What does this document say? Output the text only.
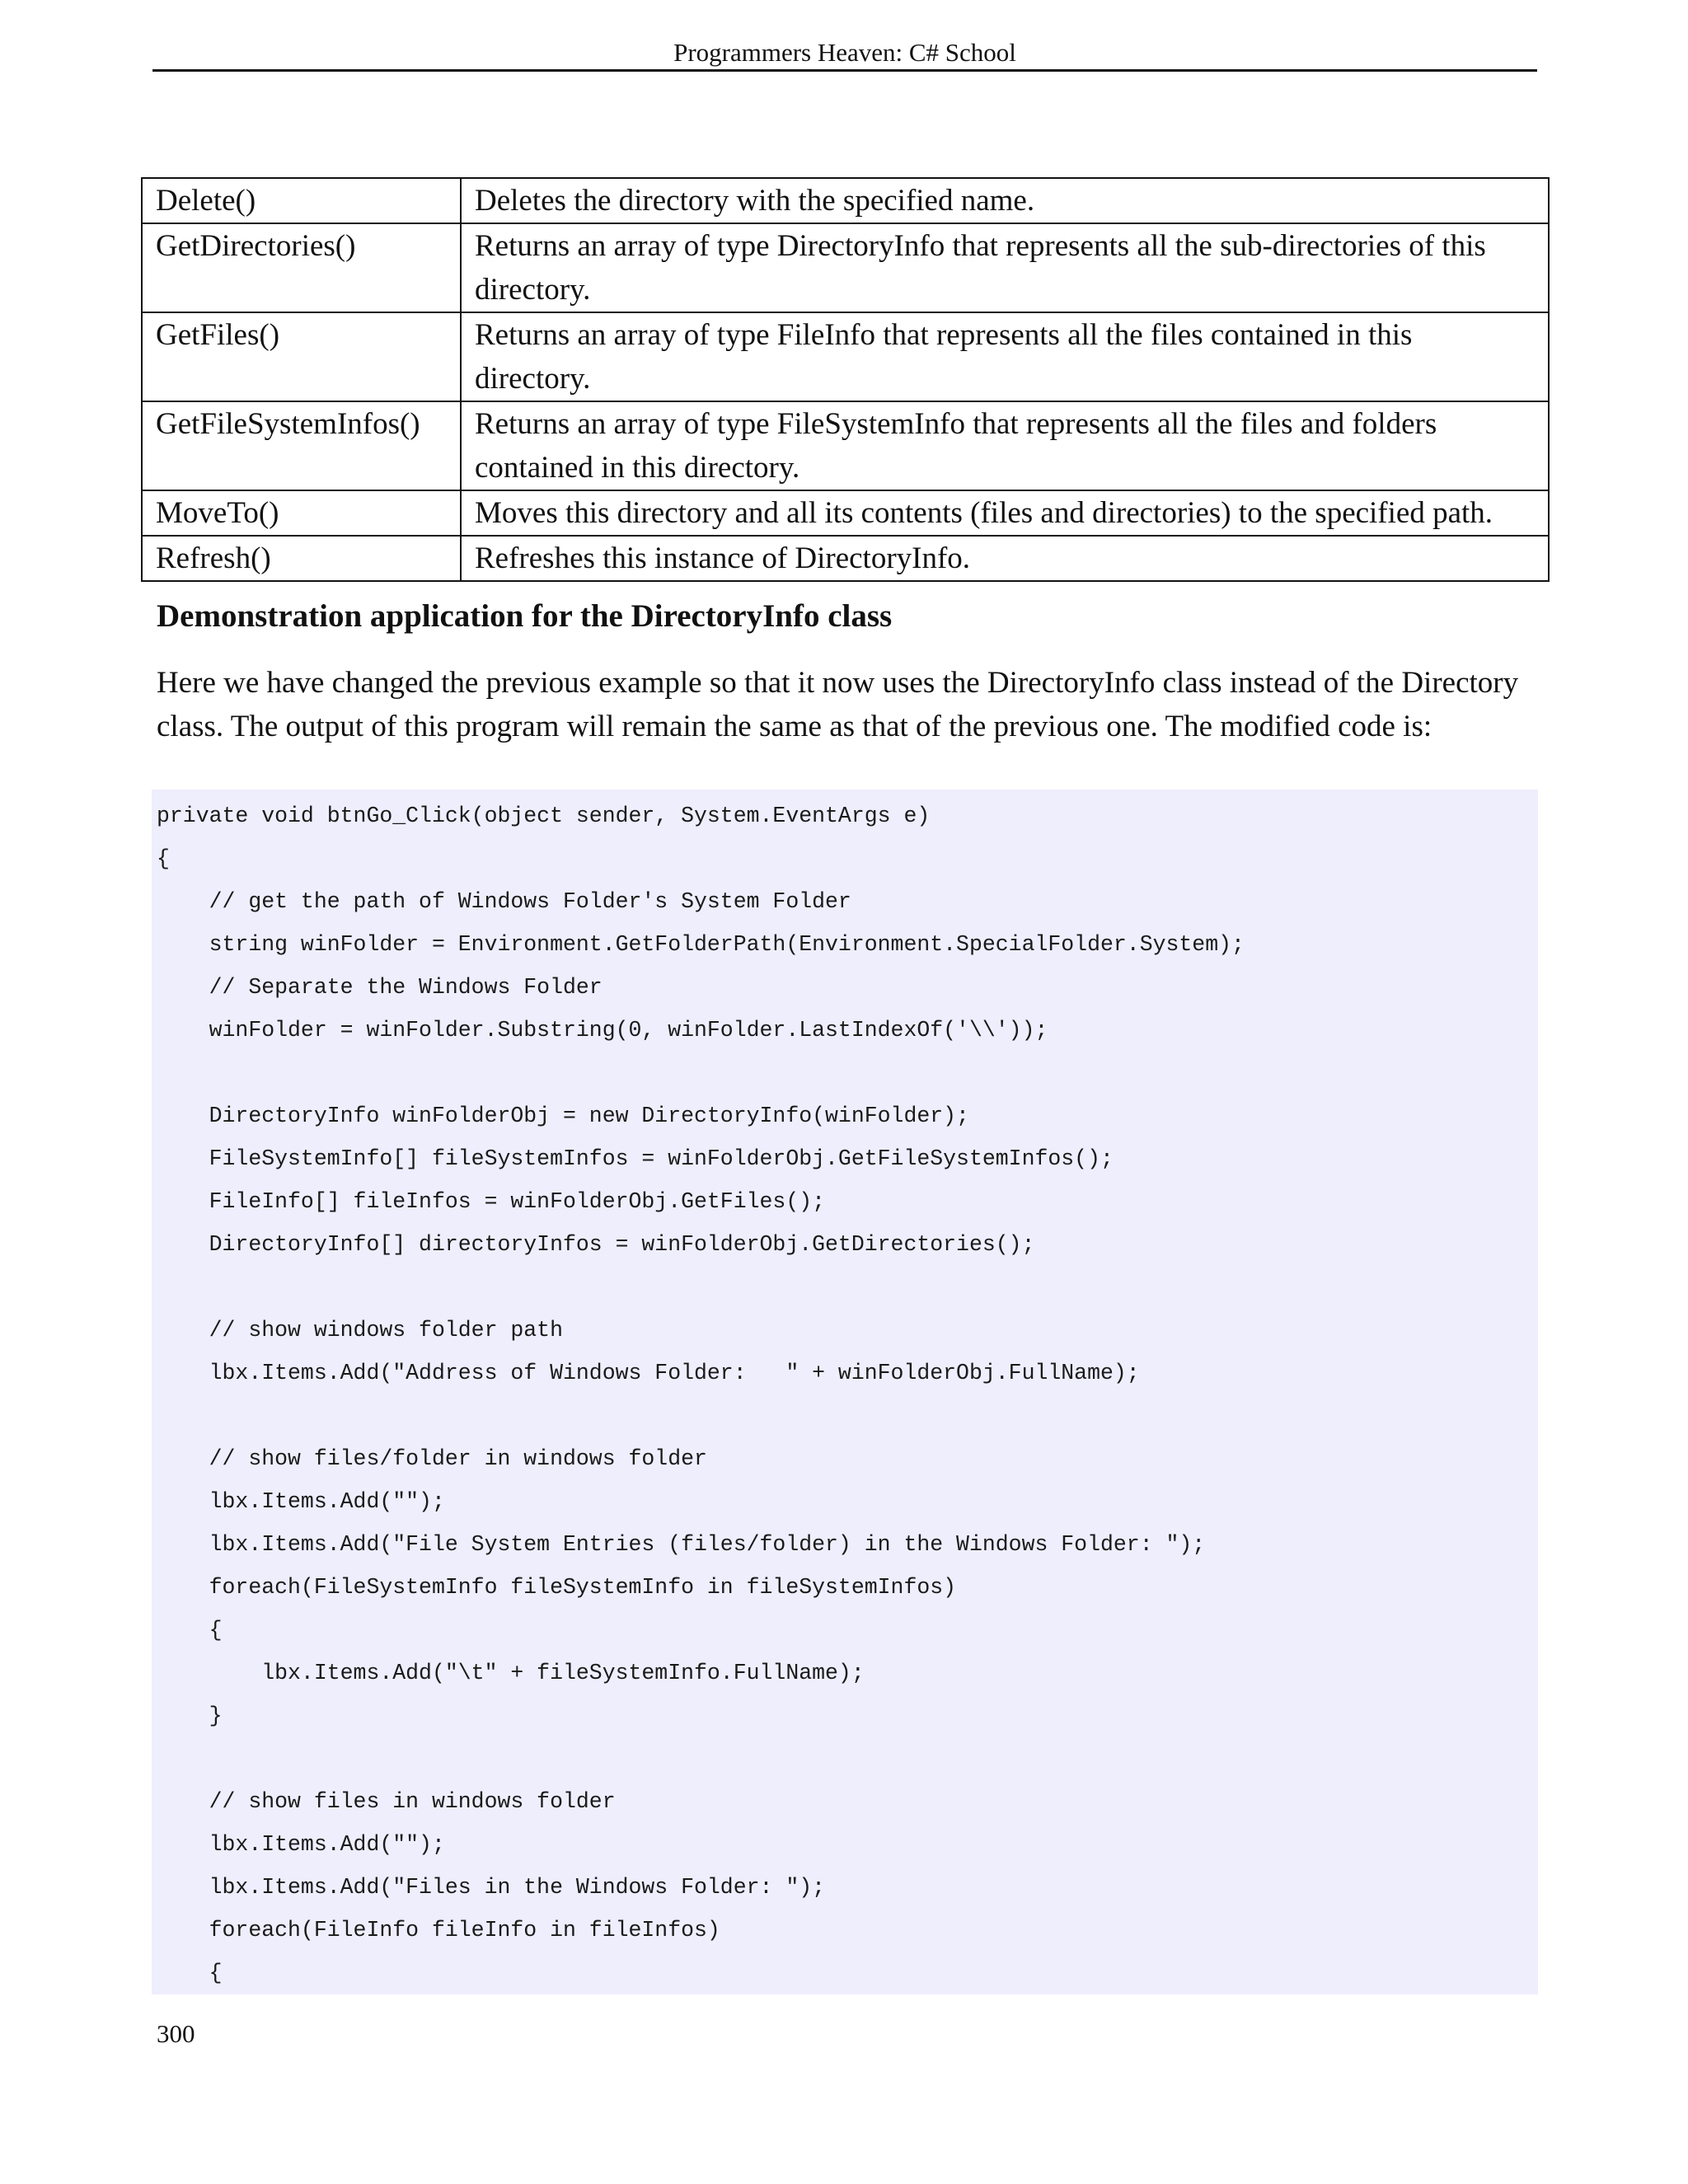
Programmers Heaven: C# School
Delete()	Deletes the directory with the specified name.
GetDirectories()	Returns an array of type DirectoryInfo that represents all the sub-directories of this directory.
GetFiles()	Returns an array of type FileInfo that represents all the files contained in this directory.
GetFileSystemInfos()	Returns an array of type FileSystemInfo that represents all the files and folders contained in this directory.
MoveTo()	Moves this directory and all its contents (files and directories) to the specified path.
Refresh()	Refreshes this instance of DirectoryInfo.
Demonstration application for the DirectoryInfo class

Here we have changed the previous example so that it now uses the DirectoryInfo class instead of the Directory class. The output of this program will remain the same as that of the previous one. The modified code is:

private void btnGo_Click(object sender, System.EventArgs e)
{
// get the path of Windows Folder's System Folder
string winFolder = Environment.GetFolderPath(Environment.SpecialFolder.System);
// Separate the Windows Folder
winFolder = winFolder.Substring(0, winFolder.LastIndexOf('\\'));
DirectoryInfo winFolderObj = new DirectoryInfo(winFolder);
FileSystemInfo[] fileSystemInfos = winFolderObj.GetFileSystemInfos();
FileInfo[] fileInfos = winFolderObj.GetFiles();
DirectoryInfo[] directoryInfos = winFolderObj.GetDirectories();
// show windows folder path
lbx.Items.Add("Address of Windows Folder:   " + winFolderObj.FullName);
// show files/folder in windows folder
lbx.Items.Add("");
lbx.Items.Add("File System Entries (files/folder) in the Windows Folder: ");
foreach(FileSystemInfo fileSystemInfo in fileSystemInfos)
{
lbx.Items.Add("\t" + fileSystemInfo.FullName);
}
// show files in windows folder
lbx.Items.Add("");
lbx.Items.Add("Files in the Windows Folder: ");
foreach(FileInfo fileInfo in fileInfos)
{
300
